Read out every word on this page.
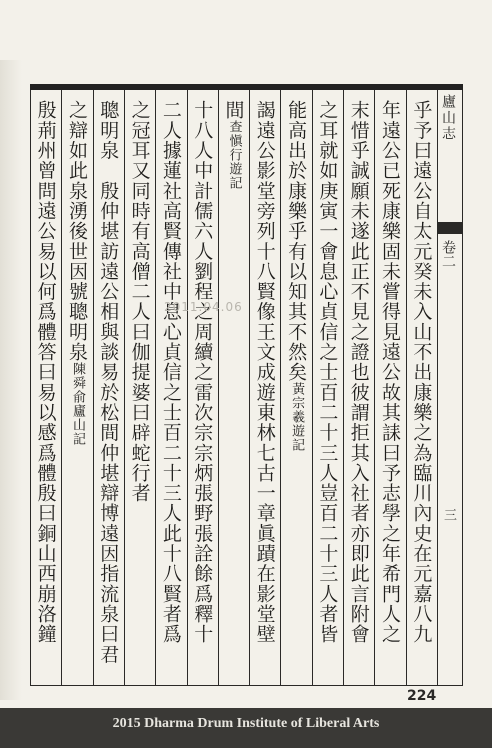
廬山志
卷二
三
乎予曰遠公自太元癸未入山不出康樂之為臨川內史在元嘉八九
年遠公已死康樂固未嘗得見遠公故其誄曰予志學之年希門人之
末惜乎誠願未遂此正不見之證也彼謂拒其入社者亦即此言附會
之耳就如庚寅一會息心貞信之士百二十三人豈百二十三人者皆
能高出於康樂乎有以知其不然矣黃宗羲遊記
謁遠公影堂旁列十八賢像王文成遊東林七古一章眞蹟在影堂壁
間查愼行遊記
十八人中計儒六人劉程之周續之雷次宗宗炳張野張詮餘爲釋十
二人據蓮社高賢傳社中息心貞信之士百二十三人此十八賢者爲
之冠耳又同時有高僧二人曰伽提婆曰辟蛇行者
聰明泉　殷仲堪訪遠公相與談易於松間仲堪辯博遠因指流泉曰君
之辯如此泉湧後世因號聰明泉陳舜俞廬山記
殷荊州曾問遠公易以何爲體答曰易以感爲體殷曰銅山西崩洛鐘	2011.04.06
224
2015 Dharma Drum Institute of Liberal Arts
